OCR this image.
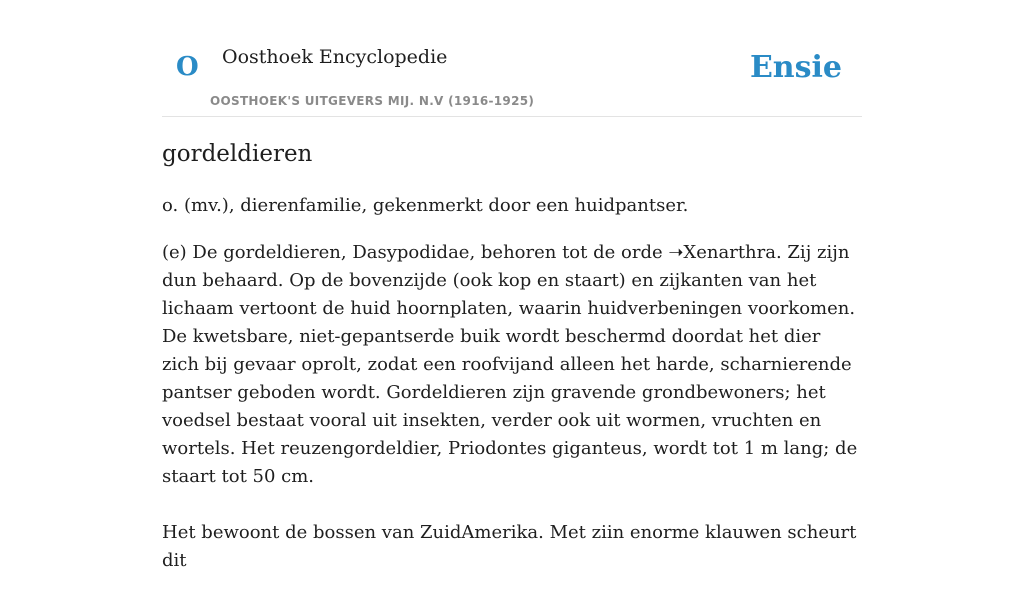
O Oosthoek Encyclopedie
OOSTHOEK'S UITGEVERS MIJ. N.V (1916-1925)
Ensie
gordeldieren

o. (mv.), dierenfamilie, gekenmerkt door een huidpantser.

(e) De gordeldieren, Dasypodidae, behoren tot de orde ➝Xenarthra. Zij zijn dun behaard. Op de bovenzijde (ook kop en staart) en zijkanten van het lichaam vertoont de huid hoornplaten, waarin huidverbeningen voorkomen. De kwetsbare, niet-gepantserde buik wordt beschermd doordat het dier zich bij gevaar oprolt, zodat een roofvijand alleen het harde, scharnierende pantser geboden wordt. Gordeldieren zijn gravende grondbewoners; het voedsel bestaat vooral uit insekten, verder ook uit wormen, vruchten en wortels. Het reuzengordeldier, Priodontes giganteus, wordt tot 1 m lang; de staart tot 50 cm.

Het bewoont de bossen van ZuidAmerika. Met ziin enorme klauwen scheurt dit
